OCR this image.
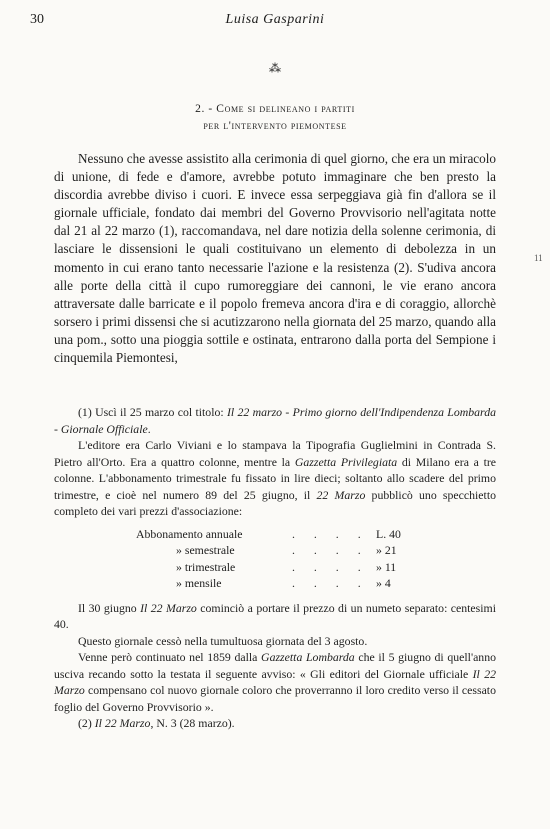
30	Luisa Gasparini
⁂
2. - Come si delineano i partiti
per l'intervento piemontese

Nessuno che avesse assistito alla cerimonia di quel giorno, che era un miracolo di unione, di fede e d'amore, avrebbe potuto immaginare che ben presto la discordia avrebbe diviso i cuori. E invece essa serpeggiava già fin d'allora se il giornale ufficiale, fondato dai membri del Governo Provvisorio nell'agitata notte dal 21 al 22 marzo (1), raccomandava, nel dare notizia della solenne cerimonia, di lasciare le dissensioni le quali costituivano un elemento di debolezza in un momento in cui erano tanto necessarie l'azione e la resistenza (2). S'udiva ancora alle porte della città il cupo rumoreggiare dei cannoni, le vie erano ancora attraversate dalle barricate e il popolo fremeva ancora d'ira e di coraggio, allorchè sorsero i primi dissensi che si acutizzarono nella giornata del 25 marzo, quando alla una pom., sotto una pioggia sottile e ostinata, entrarono dalla porta del Sempione i cinquemila Piemontesi,

11

(1) Uscì il 25 marzo col titolo: Il 22 marzo - Primo giorno dell'Indipendenza Lombarda - Giornale Officiale.

L'editore era Carlo Viviani e lo stampava la Tipografia Guglielmini in Contrada S. Pietro all'Orto. Era a quattro colonne, mentre la Gazzetta Privilegiata di Milano era a tre colonne. L'abbonamento trimestrale fu fissato in lire dieci; soltanto allo scadere del primo trimestre, e cioè nel numero 89 del 25 giugno, il 22 Marzo pubblicò uno specchietto completo dei vari prezzi d'associazione:

Abbonamento annuale	. . . . L. 40
» semestrale	. . . . » 21
» trimestrale	. . . . » 11
» mensile	. . . . » 4

Il 30 giugno Il 22 Marzo cominciò a portare il prezzo di un numeto separato: centesimi 40.

Questo giornale cessò nella tumultuosa giornata del 3 agosto.

Venne però continuato nel 1859 dalla Gazzetta Lombarda che il 5 giugno di quell'anno usciva recando sotto la testata il seguente avviso: « Gli editori del Giornale ufficiale Il 22 Marzo compensano col nuovo giornale coloro che proverranno il loro credito verso il cessato foglio del Governo Provvisorio ».

(2) Il 22 Marzo, N. 3 (28 marzo).
